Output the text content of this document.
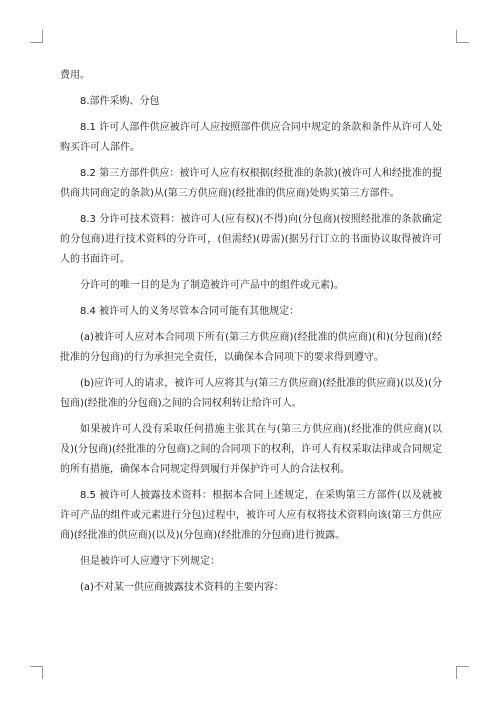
费用。

8.部件采购、分包

8.1 许可人部件供应被许可人应按照部件供应合同中规定的条款和条件从许可人处购买许可人部件。

8.2 第三方部件供应：被许可人应有权根据(经批准的条款)(被许可人和经批准的提供商共同商定的条款)从(第三方供应商)(经批准的供应商)处购买第三方部件。

8.3 分许可技术资料：被许可人(应有权)(不得)向(分包商)(按照经批准的条款确定的分包商)进行技术资料的分许可，(但需经)(毋需)(据另行订立的书面协议取得被许可人的书面许可。

分许可的唯一目的是为了制造被许可产品中的组件或元素)。

8.4 被许可人的义务尽管本合同可能有其他规定：

(a)被许可人应对本合同项下所有(第三方供应商)(经批准的供应商)(和)(分包商)(经批准的分包商)的行为承担完全责任，以确保本合同项下的要求得到遵守。

(b)应许可人的请求，被许可人应将其与(第三方供应商)(经批准的供应商)(以及)(分包商)(经批准的分包商)之间的合同权利转让给许可人。

如果被许可人没有采取任何措施主张其在与(第三方供应商)(经批准的供应商)(以及)(分包商)(经批准的分包商)之间的合同项下的权利，许可人有权采取法律或合同规定的所有措施，确保本合同规定得到履行并保护许可人的合法权利。

8.5 被许可人披露技术资料：根据本合同上述规定，在采购第三方部件(以及就被许可产品的组件或元素进行分包)过程中，被许可人应有权将技术资料向该(第三方供应商)(经批准的供应商)(以及)(分包商)(经批准的分包商)进行披露。

但是被许可人应遵守下列规定：

(a)不对某一供应商披露技术资料的主要内容：
